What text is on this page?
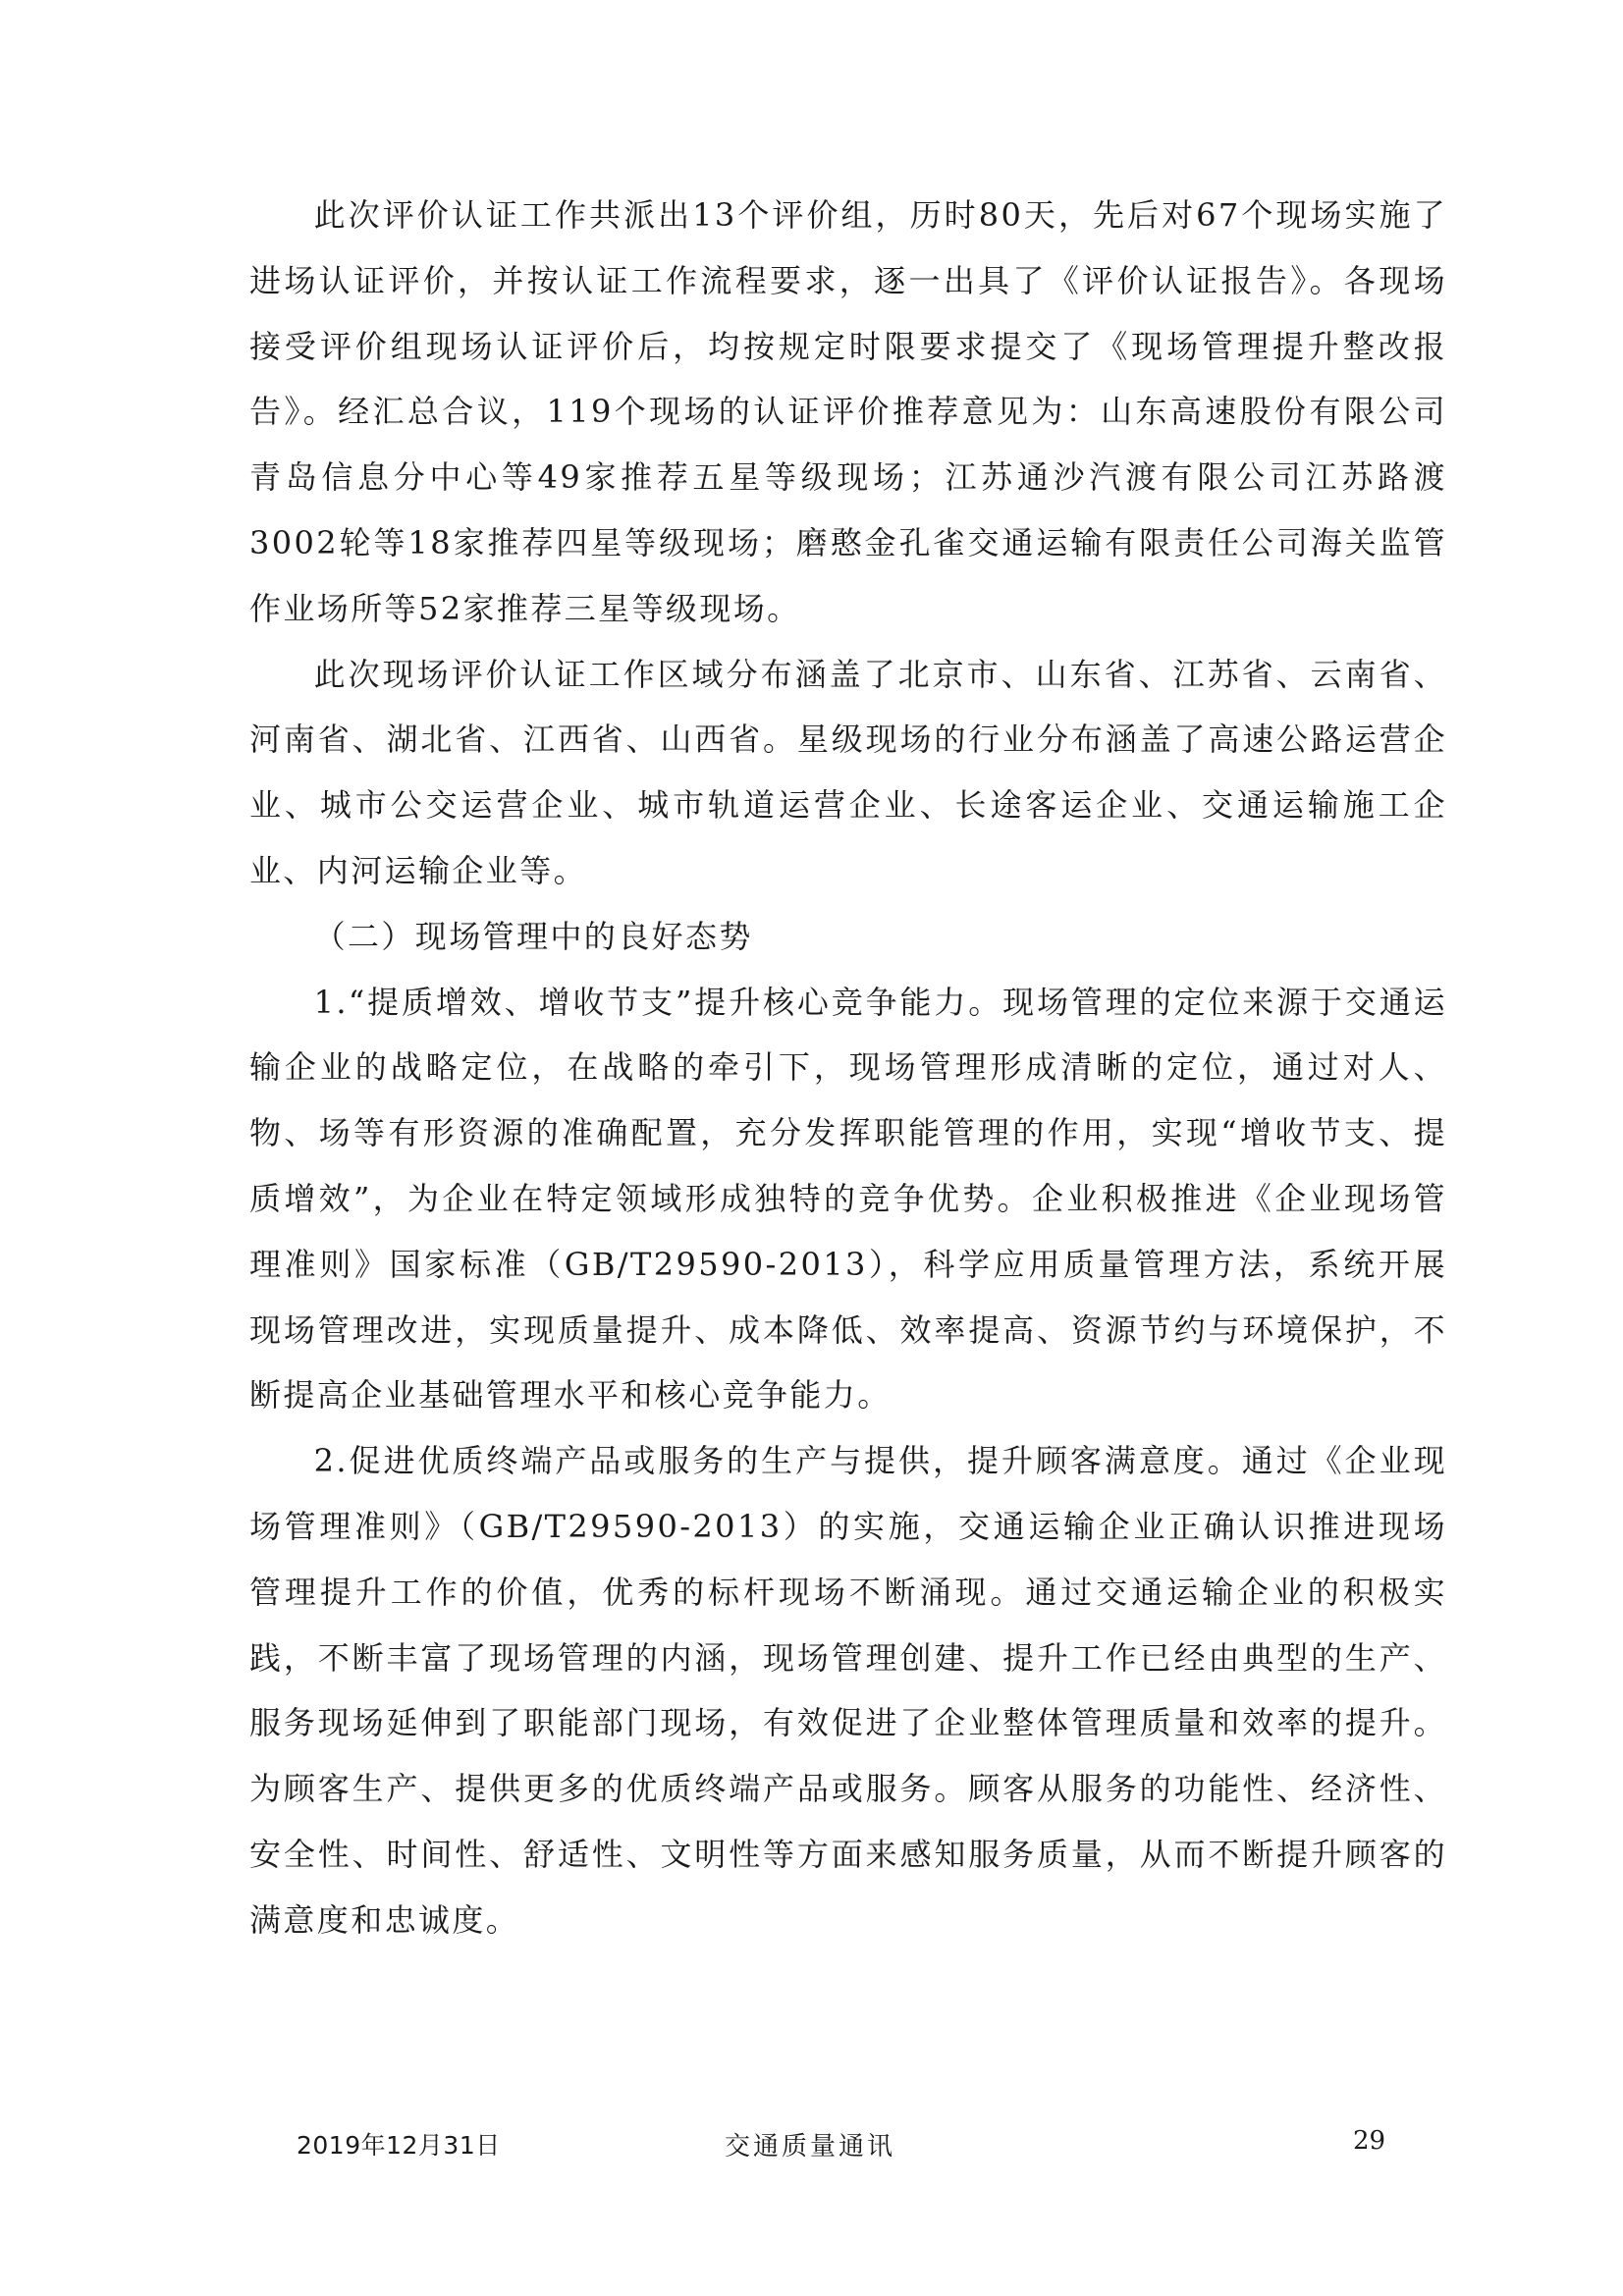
此次评价认证工作共派出13个评价组，历时80天，先后对67个现场实施了进场认证评价，并按认证工作流程要求，逐一出具了《评价认证报告》。各现场接受评价组现场认证评价后，均按规定时限要求提交了《现场管理提升整改报告》。经汇总合议，119个现场的认证评价推荐意见为：山东高速股份有限公司青岛信息分中心等49家推荐五星等级现场；江苏通沙汽渡有限公司江苏路渡3002轮等18家推荐四星等级现场；磨憨金孔雀交通运输有限责任公司海关监管作业场所等52家推荐三星等级现场。

此次现场评价认证工作区域分布涵盖了北京市、山东省、江苏省、云南省、河南省、湖北省、江西省、山西省。星级现场的行业分布涵盖了高速公路运营企业、城市公交运营企业、城市轨道运营企业、长途客运企业、交通运输施工企业、内河运输企业等。

（二）现场管理中的良好态势

1.“提质增效、增收节支”提升核心竞争能力。现场管理的定位来源于交通运输企业的战略定位，在战略的牵引下，现场管理形成清晰的定位，通过对人、物、场等有形资源的准确配置，充分发挥职能管理的作用，实现“增收节支、提质增效”，为企业在特定领域形成独特的竞争优势。企业积极推进《企业现场管理准则》国家标准（GB/T29590-2013），科学应用质量管理方法，系统开展现场管理改进，实现质量提升、成本降低、效率提高、资源节约与环境保护，不断提高企业基础管理水平和核心竞争能力。

2.促进优质终端产品或服务的生产与提供，提升顾客满意度。通过《企业现场管理准则》（GB/T29590-2013）的实施，交通运输企业正确认识推进现场管理提升工作的价值，优秀的标杆现场不断涌现。通过交通运输企业的积极实践，不断丰富了现场管理的内涵，现场管理创建、提升工作已经由典型的生产、服务现场延伸到了职能部门现场，有效促进了企业整体管理质量和效率的提升。为顾客生产、提供更多的优质终端产品或服务。顾客从服务的功能性、经济性、安全性、时间性、舒适性、文明性等方面来感知服务质量，从而不断提升顾客的满意度和忠诚度。

2019年12月31日	交通质量通讯	29
